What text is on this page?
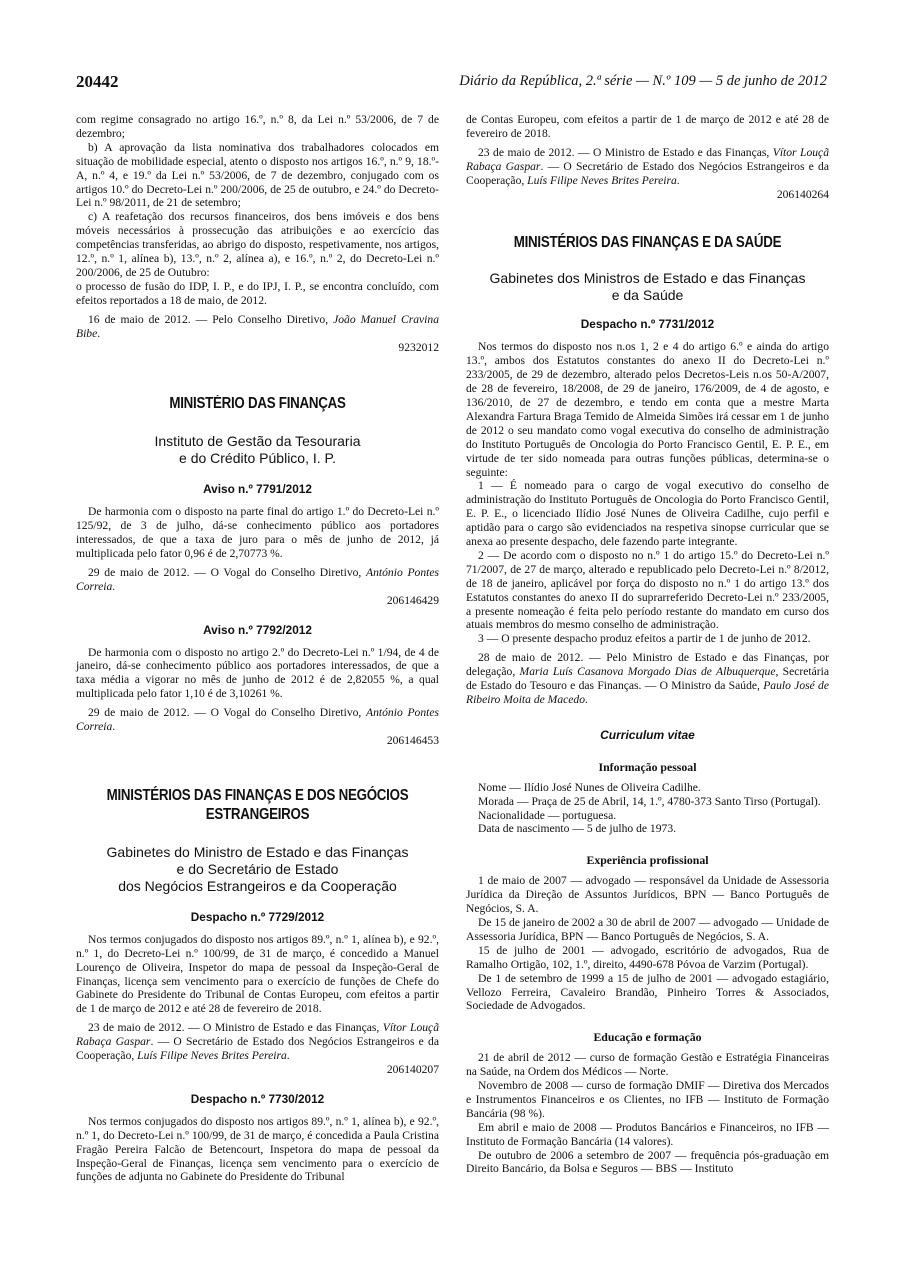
20442	Diário da República, 2.ª série — N.º 109 — 5 de junho de 2012

com regime consagrado no artigo 16.º, n.º 8, da Lei n.º 53/2006, de 7 de dezembro;

b) A aprovação da lista nominativa dos trabalhadores colocados em situação de mobilidade especial, atento o disposto nos artigos 16.º, n.º 9, 18.º-A, n.º 4, e 19.º da Lei n.º 53/2006, de 7 de dezembro, conjugado com os artigos 10.º do Decreto-Lei n.º 200/2006, de 25 de outubro, e 24.º do Decreto-Lei n.º 98/2011, de 21 de setembro;

c) A reafetação dos recursos financeiros, dos bens imóveis e dos bens móveis necessários à prossecução das atribuições e ao exercício das competências transferidas, ao abrigo do disposto, respetivamente, nos artigos, 12.º, n.º 1, alínea b), 13.º, n.º 2, alínea a), e 16.º, n.º 2, do Decreto-Lei n.º 200/2006, de 25 de Outubro:

o processo de fusão do IDP, I. P., e do IPJ, I. P., se encontra concluído, com efeitos reportados a 18 de maio, de 2012.

16 de maio de 2012. — Pelo Conselho Diretivo, João Manuel Cravina Bibe.

9232012

MINISTÉRIO DAS FINANÇAS
Instituto de Gestão da Tesouraria
e do Crédito Público, I. P.
Aviso n.º 7791/2012

De harmonia com o disposto na parte final do artigo 1.º do Decreto-Lei n.º 125/92, de 3 de julho, dá-se conhecimento público aos portadores interessados, de que a taxa de juro para o mês de junho de 2012, já multiplicada pelo fator 0,96 é de 2,70773 %.

29 de maio de 2012. — O Vogal do Conselho Diretivo, António Pontes Correia.

206146429

Aviso n.º 7792/2012

De harmonia com o disposto no artigo 2.º do Decreto-Lei n.º 1/94, de 4 de janeiro, dá-se conhecimento público aos portadores interessados, de que a taxa média a vigorar no mês de junho de 2012 é de 2,82055 %, a qual multiplicada pelo fator 1,10 é de 3,10261 %.

29 de maio de 2012. — O Vogal do Conselho Diretivo, António Pontes Correia.

206146453

MINISTÉRIOS DAS FINANÇAS E DOS NEGÓCIOS
ESTRANGEIROS
Gabinetes do Ministro de Estado e das Finanças
e do Secretário de Estado
dos Negócios Estrangeiros e da Cooperação
Despacho n.º 7729/2012

Nos termos conjugados do disposto nos artigos 89.º, n.º 1, alínea b), e 92.º, n.º 1, do Decreto-Lei n.º 100/99, de 31 de março, é concedido a Manuel Lourenço de Oliveira, Inspetor do mapa de pessoal da Inspeção-Geral de Finanças, licença sem vencimento para o exercício de funções de Chefe do Gabinete do Presidente do Tribunal de Contas Europeu, com efeitos a partir de 1 de março de 2012 e até 28 de fevereiro de 2018.

23 de maio de 2012. — O Ministro de Estado e das Finanças, Vítor Louçã Rabaça Gaspar. — O Secretário de Estado dos Negócios Estrangeiros e da Cooperação, Luís Filipe Neves Brites Pereira.

206140207

Despacho n.º 7730/2012

Nos termos conjugados do disposto nos artigos 89.º, n.º 1, alínea b), e 92.º, n.º 1, do Decreto-Lei n.º 100/99, de 31 de março, é concedida a Paula Cristina Fragão Pereira Falcão de Betencourt, Inspetora do mapa de pessoal da Inspeção-Geral de Finanças, licença sem vencimento para o exercício de funções de adjunta no Gabinete do Presidente do Tribunal

de Contas Europeu, com efeitos a partir de 1 de março de 2012 e até 28 de fevereiro de 2018.

23 de maio de 2012. — O Ministro de Estado e das Finanças, Vítor Louçã Rabaça Gaspar. — O Secretário de Estado dos Negócios Estrangeiros e da Cooperação, Luís Filipe Neves Brites Pereira.

206140264

MINISTÉRIOS DAS FINANÇAS E DA SAÚDE
Gabinetes dos Ministros de Estado e das Finanças
e da Saúde
Despacho n.º 7731/2012

Nos termos do disposto nos n.os 1, 2 e 4 do artigo 6.º e ainda do artigo 13.º, ambos dos Estatutos constantes do anexo II do Decreto-Lei n.º 233/2005, de 29 de dezembro, alterado pelos Decretos-Leis n.os 50-A/2007, de 28 de fevereiro, 18/2008, de 29 de janeiro, 176/2009, de 4 de agosto, e 136/2010, de 27 de dezembro, e tendo em conta que a mestre Marta Alexandra Fartura Braga Temido de Almeida Simões irá cessar em 1 de junho de 2012 o seu mandato como vogal executiva do conselho de administração do Instituto Português de Oncologia do Porto Francisco Gentil, E. P. E., em virtude de ter sido nomeada para outras funções públicas, determina-se o seguinte:

1 — É nomeado para o cargo de vogal executivo do conselho de administração do Instituto Português de Oncologia do Porto Francisco Gentil, E. P. E., o licenciado Ilídio José Nunes de Oliveira Cadilhe, cujo perfil e aptidão para o cargo são evidenciados na respetiva sinopse curricular que se anexa ao presente despacho, dele fazendo parte integrante.

2 — De acordo com o disposto no n.º 1 do artigo 15.º do Decreto-Lei n.º 71/2007, de 27 de março, alterado e republicado pelo Decreto-Lei n.º 8/2012, de 18 de janeiro, aplicável por força do disposto no n.º 1 do artigo 13.º dos Estatutos constantes do anexo II do suprarreferido Decreto-Lei n.º 233/2005, a presente nomeação é feita pelo período restante do mandato em curso dos atuais membros do mesmo conselho de administração.

3 — O presente despacho produz efeitos a partir de 1 de junho de 2012.

28 de maio de 2012. — Pelo Ministro de Estado e das Finanças, por delegação, Maria Luís Casanova Morgado Dias de Albuquerque, Secretária de Estado do Tesouro e das Finanças. — O Ministro da Saúde, Paulo José de Ribeiro Moita de Macedo.

Curriculum vitae
Informação pessoal

Nome — Ilídio José Nunes de Oliveira Cadilhe.

Morada — Praça de 25 de Abril, 14, 1.º, 4780-373 Santo Tirso (Portugal).

Nacionalidade — portuguesa.

Data de nascimento — 5 de julho de 1973.

Experiência profissional

1 de maio de 2007 — advogado — responsável da Unidade de Assessoria Jurídica da Direção de Assuntos Jurídicos, BPN — Banco Português de Negócios, S. A.

De 15 de janeiro de 2002 a 30 de abril de 2007 — advogado — Unidade de Assessoria Jurídica, BPN — Banco Português de Negócios, S. A.

15 de julho de 2001 — advogado, escritório de advogados, Rua de Ramalho Ortigão, 102, 1.º, direito, 4490-678 Póvoa de Varzim (Portugal).

De 1 de setembro de 1999 a 15 de julho de 2001 — advogado estagiário, Vellozo Ferreira, Cavaleiro Brandão, Pinheiro Torres & Associados, Sociedade de Advogados.

Educação e formação

21 de abril de 2012 — curso de formação Gestão e Estratégia Financeiras na Saúde, na Ordem dos Médicos — Norte.

Novembro de 2008 — curso de formação DMIF — Diretiva dos Mercados e Instrumentos Financeiros e os Clientes, no IFB — Instituto de Formação Bancária (98 %).

Em abril e maio de 2008 — Produtos Bancários e Financeiros, no IFB — Instituto de Formação Bancária (14 valores).

De outubro de 2006 a setembro de 2007 — frequência pós-graduação em Direito Bancário, da Bolsa e Seguros — BBS — Instituto
